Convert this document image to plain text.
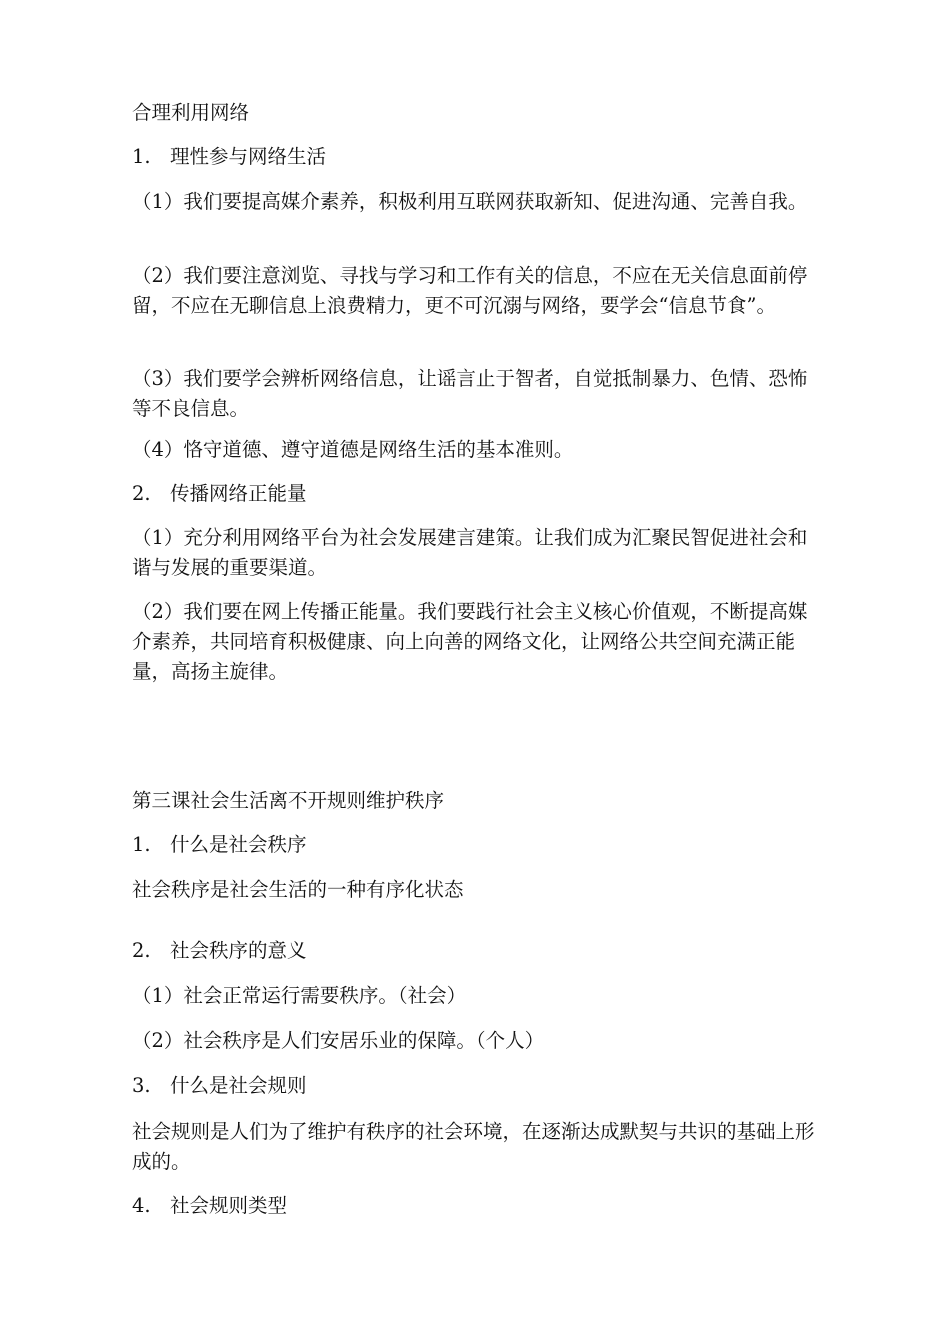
合理利用网络
1. 理性参与网络生活
（1）我们要提高媒介素养，积极利用互联网获取新知、促进沟通、完善自我。
（2）我们要注意浏览、寻找与学习和工作有关的信息，不应在无关信息面前停留，不应在无聊信息上浪费精力，更不可沉溺与网络，要学会“信息节食”。
（3）我们要学会辨析网络信息，让谣言止于智者，自觉抵制暴力、色情、恐怖等不良信息。
（4）恪守道德、遵守道德是网络生活的基本准则。
2. 传播网络正能量
（1）充分利用网络平台为社会发展建言建策。让我们成为汇聚民智促进社会和谐与发展的重要渠道。
（2）我们要在网上传播正能量。我们要践行社会主义核心价值观，不断提高媒介素养，共同培育积极健康、向上向善的网络文化，让网络公共空间充满正能量，高扬主旋律。
第三课社会生活离不开规则维护秩序
1. 什么是社会秩序
社会秩序是社会生活的一种有序化状态
2. 社会秩序的意义
（1）社会正常运行需要秩序。（社会）
（2）社会秩序是人们安居乐业的保障。（个人）
3. 什么是社会规则
社会规则是人们为了维护有秩序的社会环境，在逐渐达成默契与共识的基础上形成的。
4. 社会规则类型
